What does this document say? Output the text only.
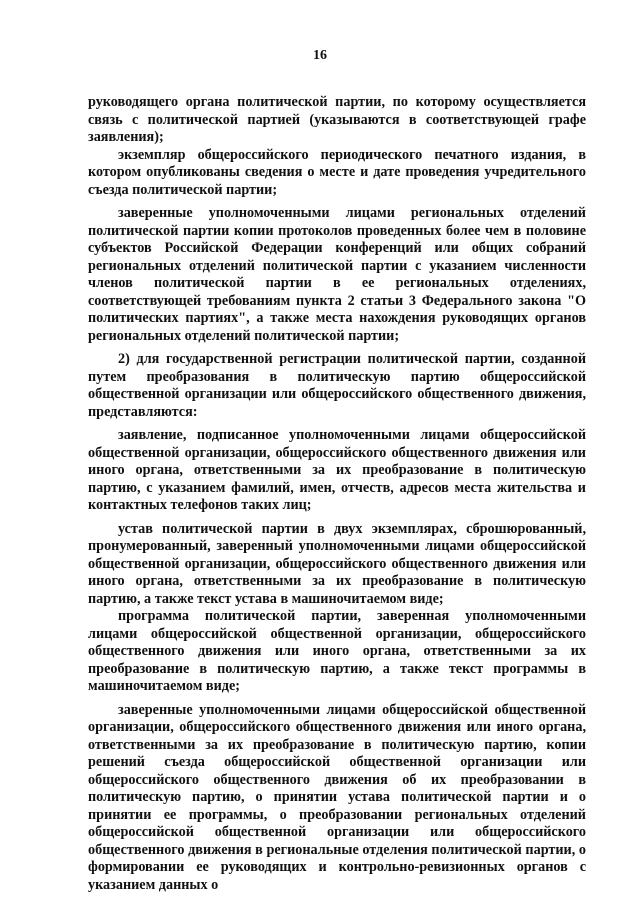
16

руководящего органа политической партии, по которому осуществляется связь с политической партией (указываются в соответствующей графе заявления);

экземпляр общероссийского периодического печатного издания, в котором опубликованы сведения о месте и дате проведения учредительного съезда политической партии;

заверенные уполномоченными лицами региональных отделений политической партии копии протоколов проведенных более чем в половине субъектов Российской Федерации конференций или общих собраний региональных отделений политической партии с указанием численности членов политической партии в ее региональных отделениях, соответствующей требованиям пункта 2 статьи 3 Федерального закона "О политических партиях", а также места нахождения руководящих органов региональных отделений политической партии;

2) для государственной регистрации политической партии, созданной путем преобразования в политическую партию общероссийской общественной организации или общероссийского общественного движения, представляются:

заявление, подписанное уполномоченными лицами общероссийской общественной организации, общероссийского общественного движения или иного органа, ответственными за их преобразование в политическую партию, с указанием фамилий, имен, отчеств, адресов места жительства и контактных телефонов таких лиц;

устав политической партии в двух экземплярах, сброшюрованный, пронумерованный, заверенный уполномоченными лицами общероссийской общественной организации, общероссийского общественного движения или иного органа, ответственными за их преобразование в политическую партию, а также текст устава в машиночитаемом виде;

программа политической партии, заверенная уполномоченными лицами общероссийской общественной организации, общероссийского общественного движения или иного органа, ответственными за их преобразование в политическую партию, а также текст программы в машиночитаемом виде;

заверенные уполномоченными лицами общероссийской общественной организации, общероссийского общественного движения или иного органа, ответственными за их преобразование в политическую партию, копии решений съезда общероссийской общественной организации или общероссийского общественного движения об их преобразовании в политическую партию, о принятии устава политической партии и о принятии ее программы, о преобразовании региональных отделений общероссийской общественной организации или общероссийского общественного движения в региональные отделения политической партии, о формировании ее руководящих и контрольно-ревизионных органов с указанием данных о
